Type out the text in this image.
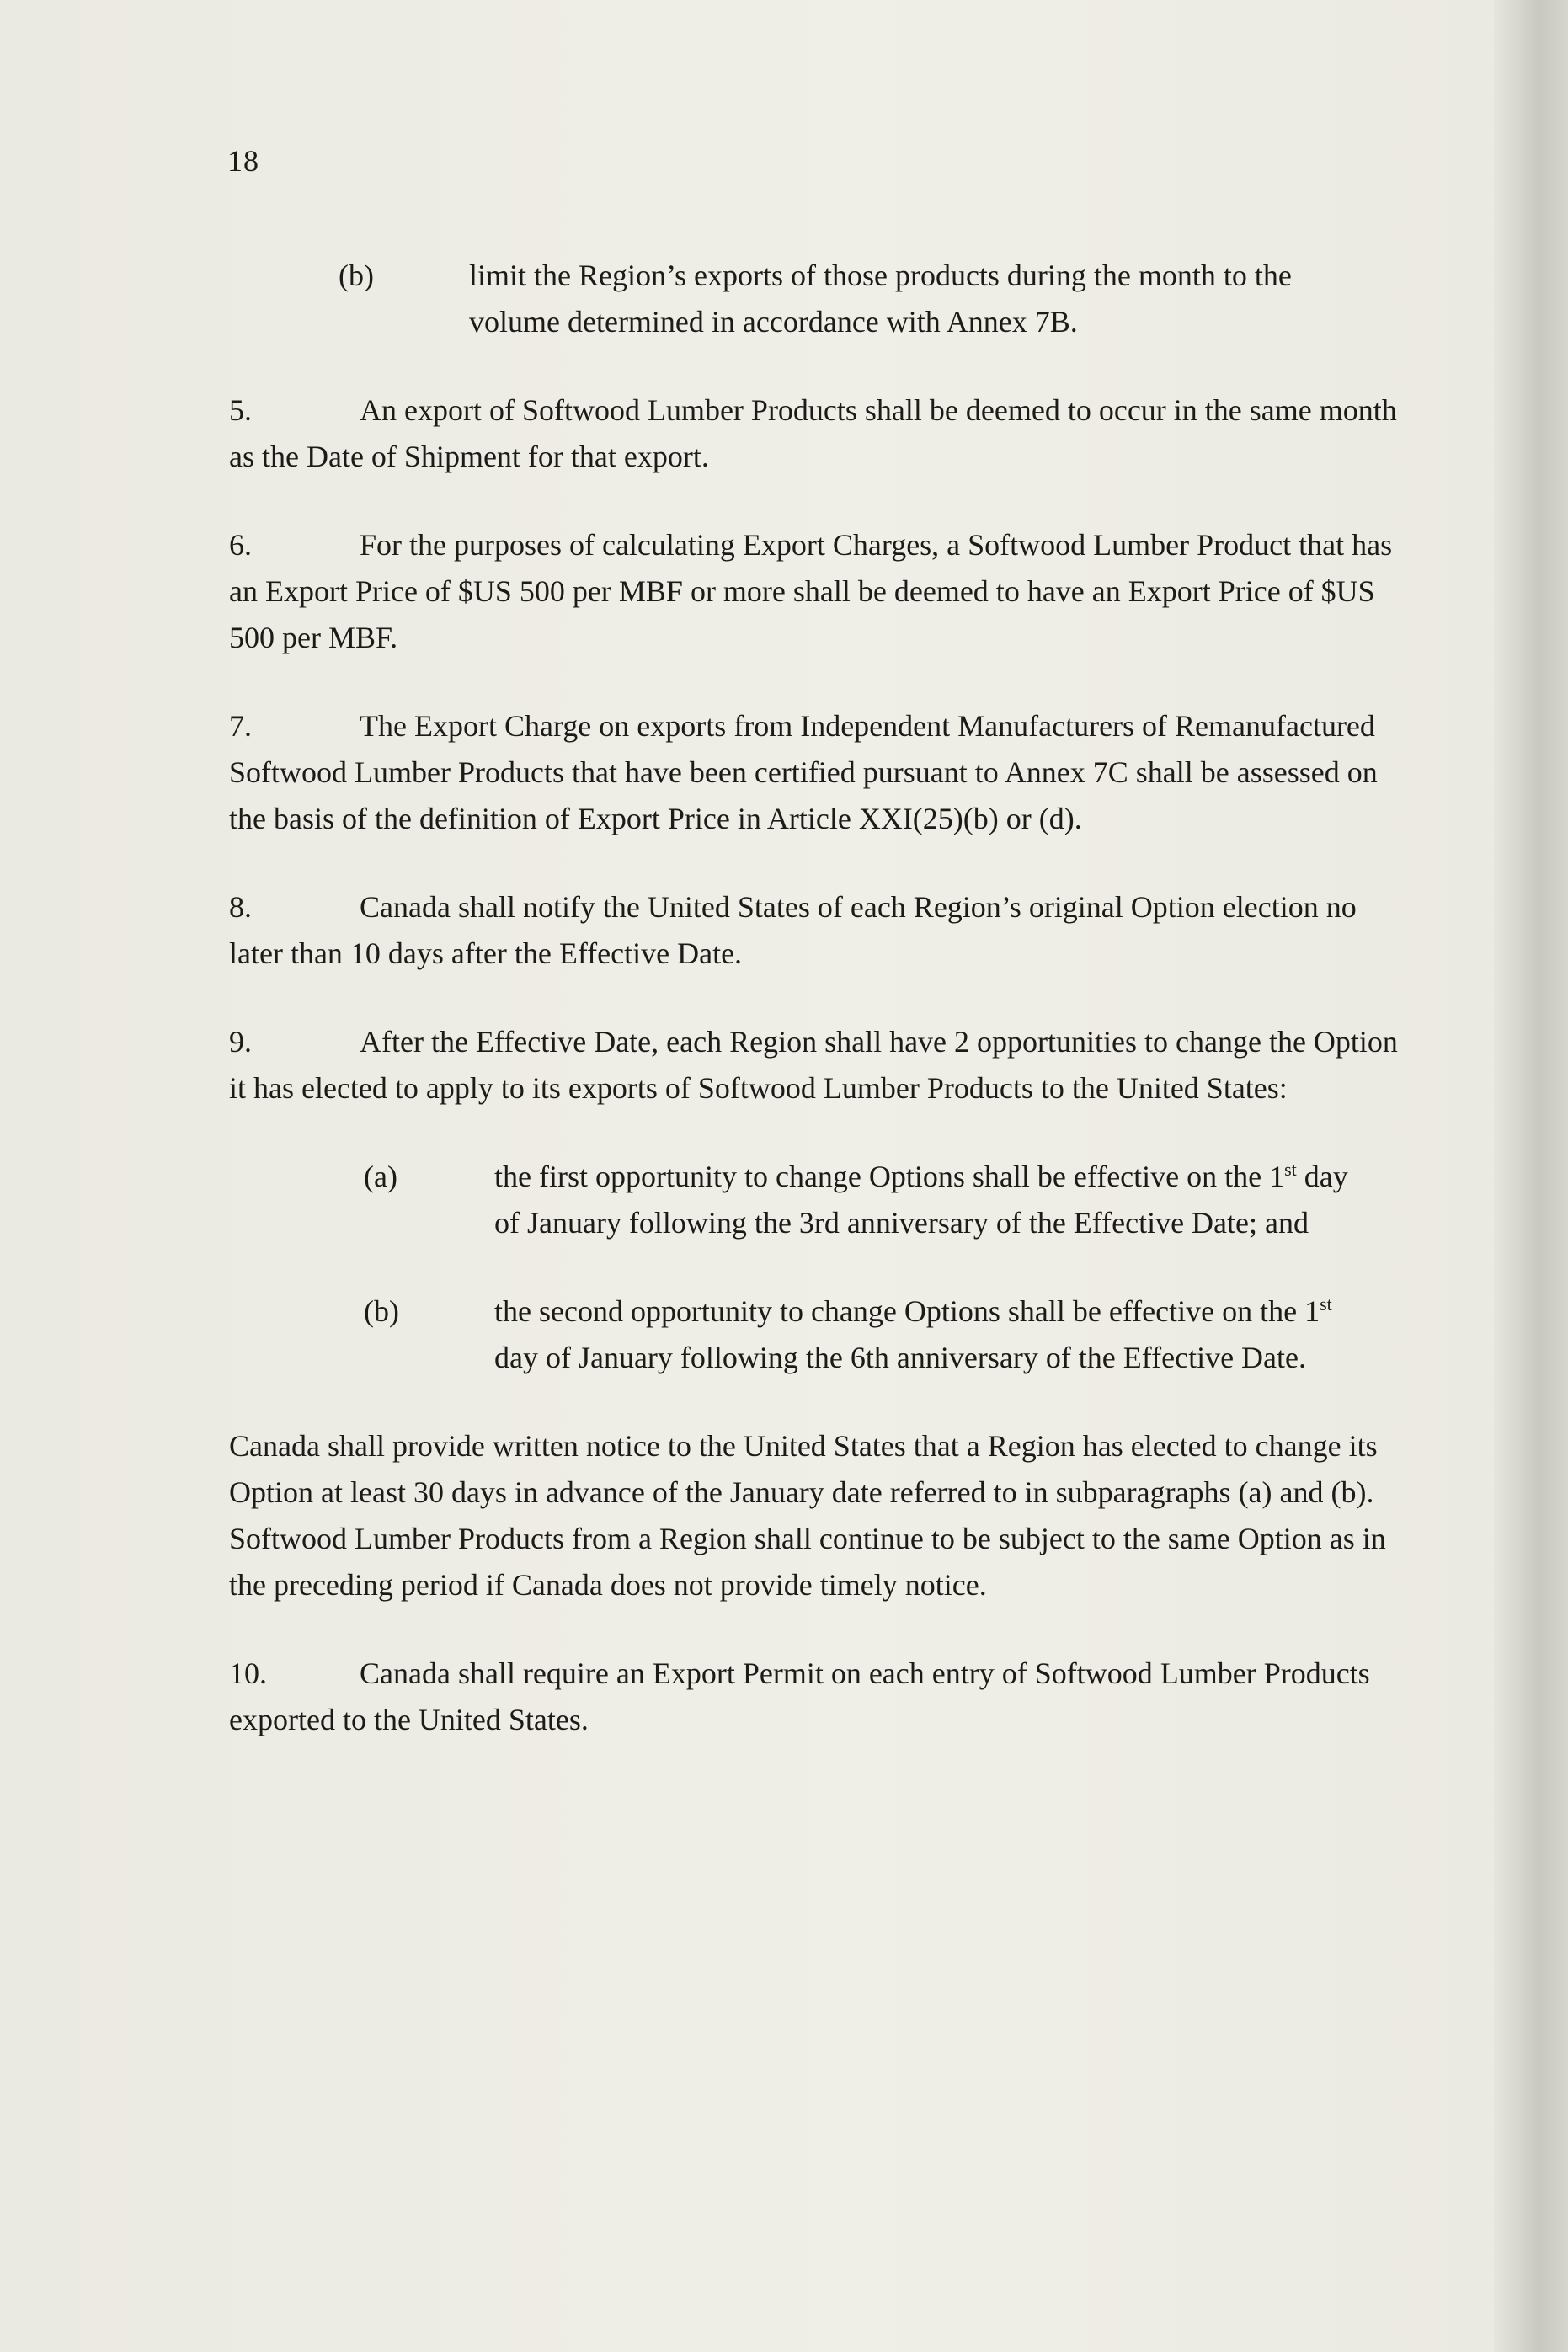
18
(b)	limit the Region’s exports of those products during the month to the volume determined in accordance with Annex 7B.

5.	An export of Softwood Lumber Products shall be deemed to occur in the same month as the Date of Shipment for that export.

6.	For the purposes of calculating Export Charges, a Softwood Lumber Product that has an Export Price of $US 500 per MBF or more shall be deemed to have an Export Price of $US 500 per MBF.

7.	The Export Charge on exports from Independent Manufacturers of Remanufactured Softwood Lumber Products that have been certified pursuant to Annex 7C shall be assessed on the basis of the definition of Export Price in Article XXI(25)(b) or (d).

8.	Canada shall notify the United States of each Region’s original Option election no later than 10 days after the Effective Date.

9.	After the Effective Date, each Region shall have 2 opportunities to change the Option it has elected to apply to its exports of Softwood Lumber Products to the United States:

(a)	the first opportunity to change Options shall be effective on the 1st day of January following the 3rd anniversary of the Effective Date; and
(b)	the second opportunity to change Options shall be effective on the 1st day of January following the 6th anniversary of the Effective Date.

Canada shall provide written notice to the United States that a Region has elected to change its Option at least 30 days in advance of the January date referred to in subparagraphs (a) and (b). Softwood Lumber Products from a Region shall continue to be subject to the same Option as in the preceding period if Canada does not provide timely notice.

10.	Canada shall require an Export Permit on each entry of Softwood Lumber Products exported to the United States.
